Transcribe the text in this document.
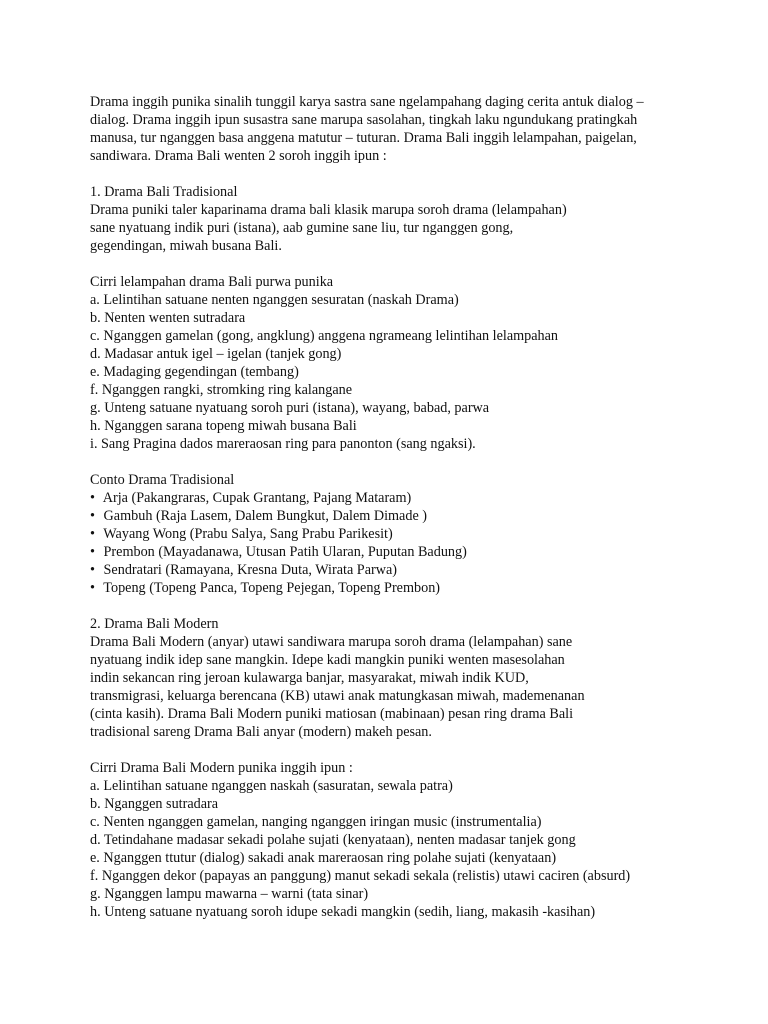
Drama inggih punika sinalih tunggil karya sastra sane ngelampahang daging cerita antuk dialog –
dialog. Drama inggih ipun susastra sane marupa sasolahan, tingkah laku ngundukang pratingkah
manusa, tur nganggen basa anggena matutur – tuturan. Drama Bali inggih lelampahan, paigelan,
sandiwara. Drama Bali wenten 2 soroh inggih ipun :
1. Drama Bali Tradisional
Drama puniki taler kaparinama drama bali klasik marupa soroh drama (lelampahan)
sane nyatuang indik puri (istana), aab gumine sane liu, tur nganggen gong,
gegendingan, miwah busana Bali.
Cirri lelampahan drama Bali purwa punika
a. Lelintihan satuane nenten nganggen sesuratan (naskah Drama)
b. Nenten wenten sutradara
c. Nganggen gamelan (gong, angklung) anggena ngrameang lelintihan lelampahan
d. Madasar antuk igel – igelan (tanjek gong)
e. Madaging gegendingan (tembang)
f. Nganggen rangki, stromking ring kalangane
g. Unteng satuane nyatuang soroh puri (istana), wayang, babad, parwa
h. Nganggen sarana topeng miwah busana Bali
i. Sang Pragina dados mareraosan ring para panonton (sang ngaksi).
Conto Drama Tradisional
• Arja (Pakangraras, Cupak Grantang, Pajang Mataram)
• Gambuh (Raja Lasem, Dalem Bungkut, Dalem Dimade )
• Wayang Wong (Prabu Salya, Sang Prabu Parikesit)
• Prembon (Mayadanawa, Utusan Patih Ularan, Puputan Badung)
• Sendratari (Ramayana, Kresna Duta, Wirata Parwa)
• Topeng (Topeng Panca, Topeng Pejegan, Topeng Prembon)
2. Drama Bali Modern
Drama Bali Modern (anyar) utawi sandiwara marupa soroh drama (lelampahan) sane
nyatuang indik idep sane mangkin. Idepe kadi mangkin puniki wenten masesolahan
indin sekancan ring jeroan kulawarga banjar, masyarakat, miwah indik KUD,
transmigrasi, keluarga berencana (KB) utawi anak matungkasan miwah, mademenanan
(cinta kasih). Drama Bali Modern puniki matiosan (mabinaan) pesan ring drama Bali
tradisional sareng Drama Bali anyar (modern) makeh pesan.
Cirri Drama Bali Modern punika inggih ipun :
a. Lelintihan satuane nganggen naskah (sasuratan, sewala patra)
b. Nganggen sutradara
c. Nenten nganggen gamelan, nanging nganggen iringan music (instrumentalia)
d. Tetindahane madasar sekadi polahe sujati (kenyataan), nenten madasar tanjek gong
e. Nganggen ttutur (dialog) sakadi anak mareraosan ring polahe sujati (kenyataan)
f. Nganggen dekor (papayas an panggung) manut sekadi sekala (relistis) utawi caciren (absurd)
g. Nganggen lampu mawarna – warni (tata sinar)
h. Unteng satuane nyatuang soroh idupe sekadi mangkin (sedih, liang, makasih -kasihan)
